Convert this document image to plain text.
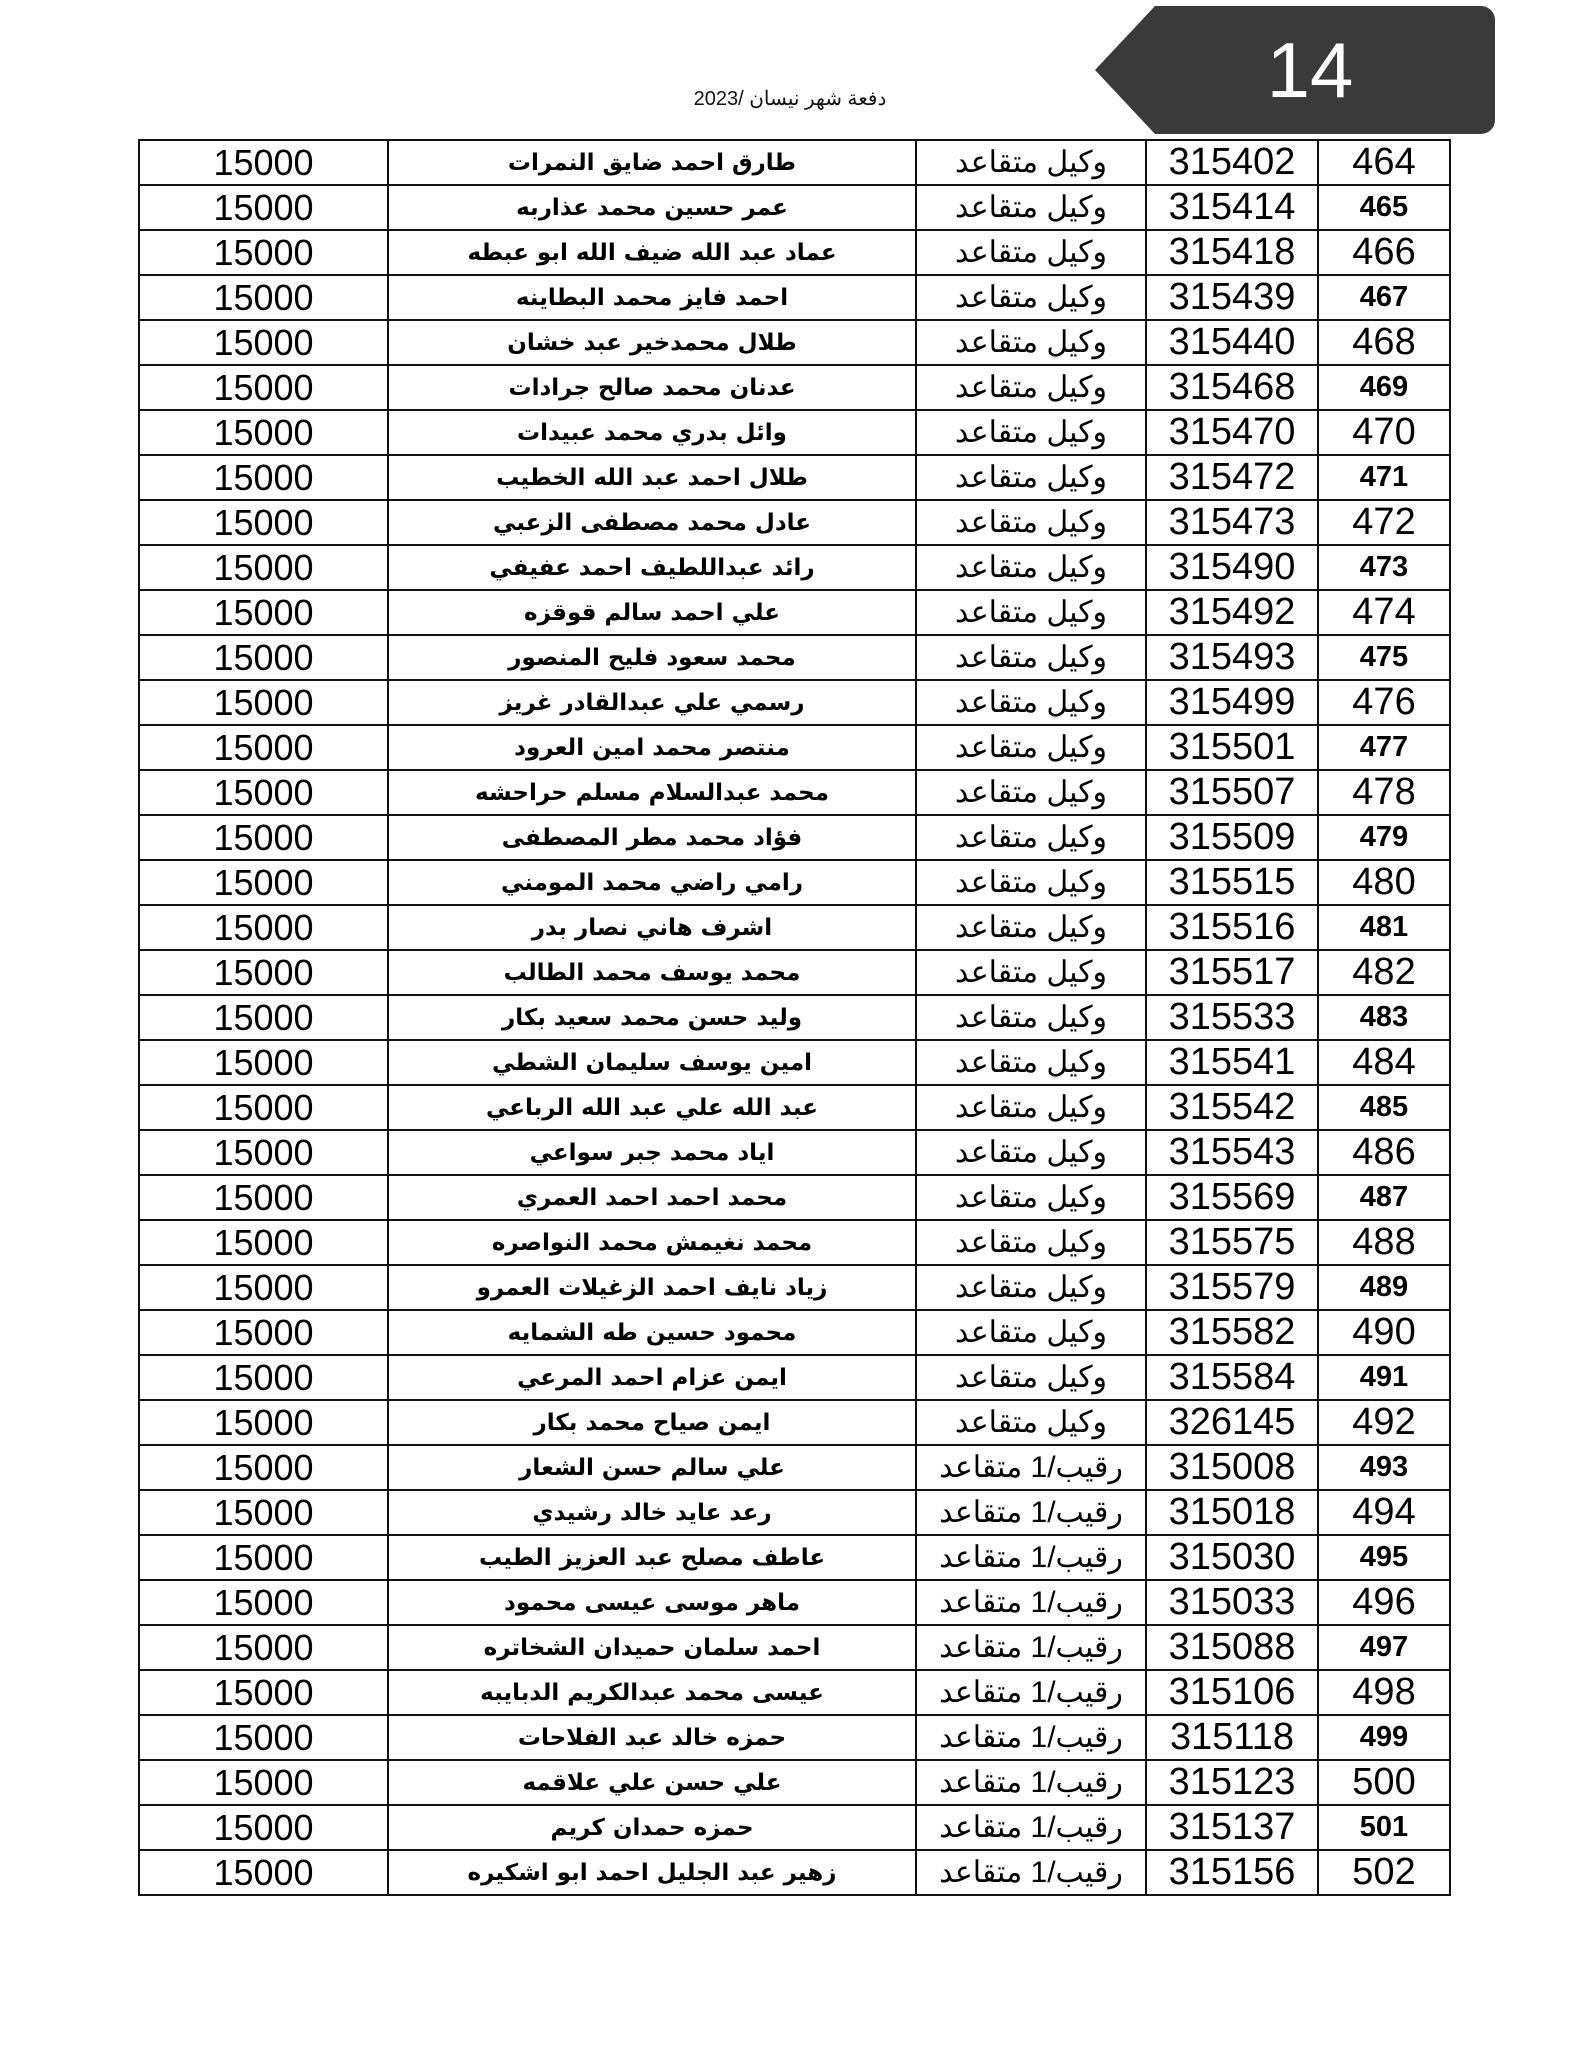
14
دفعة شهر نيسان /2023
15000	طارق احمد ضايق النمرات	وكيل متقاعد	315402	464
15000	عمر حسين محمد عذاربه	وكيل متقاعد	315414	465
15000	عماد عبد الله ضيف الله ابو عبطه	وكيل متقاعد	315418	466
15000	احمد فايز محمد البطاينه	وكيل متقاعد	315439	467
15000	طلال محمدخير عبد خشان	وكيل متقاعد	315440	468
15000	عدنان محمد صالح جرادات	وكيل متقاعد	315468	469
15000	وائل بدري محمد عبيدات	وكيل متقاعد	315470	470
15000	طلال احمد عبد الله الخطيب	وكيل متقاعد	315472	471
15000	عادل محمد مصطفى الزعبي	وكيل متقاعد	315473	472
15000	رائد عبداللطيف احمد عفيفي	وكيل متقاعد	315490	473
15000	علي احمد سالم قوقزه	وكيل متقاعد	315492	474
15000	محمد سعود فليح المنصور	وكيل متقاعد	315493	475
15000	رسمي علي عبدالقادر غريز	وكيل متقاعد	315499	476
15000	منتصر محمد امين العرود	وكيل متقاعد	315501	477
15000	محمد عبدالسلام مسلم حراحشه	وكيل متقاعد	315507	478
15000	فؤاد محمد مطر المصطفى	وكيل متقاعد	315509	479
15000	رامي راضي محمد المومني	وكيل متقاعد	315515	480
15000	اشرف هاني نصار بدر	وكيل متقاعد	315516	481
15000	محمد يوسف محمد الطالب	وكيل متقاعد	315517	482
15000	وليد حسن محمد سعيد بكار	وكيل متقاعد	315533	483
15000	امين يوسف سليمان الشطي	وكيل متقاعد	315541	484
15000	عبد الله علي عبد الله الرباعي	وكيل متقاعد	315542	485
15000	اياد محمد جبر سواعي	وكيل متقاعد	315543	486
15000	محمد احمد احمد العمري	وكيل متقاعد	315569	487
15000	محمد نغيمش محمد النواصره	وكيل متقاعد	315575	488
15000	زياد نايف احمد الزغيلات العمرو	وكيل متقاعد	315579	489
15000	محمود حسين طه الشمايه	وكيل متقاعد	315582	490
15000	ايمن عزام احمد المرعي	وكيل متقاعد	315584	491
15000	ايمن صياح محمد بكار	وكيل متقاعد	326145	492
15000	علي سالم حسن الشعار	رقيب/1 متقاعد	315008	493
15000	رعد عايد خالد رشيدي	رقيب/1 متقاعد	315018	494
15000	عاطف مصلح عبد العزيز الطيب	رقيب/1 متقاعد	315030	495
15000	ماهر موسى عيسى محمود	رقيب/1 متقاعد	315033	496
15000	احمد سلمان حميدان الشخاتره	رقيب/1 متقاعد	315088	497
15000	عيسى محمد عبدالكريم الدبايبه	رقيب/1 متقاعد	315106	498
15000	حمزه خالد عبد الفلاحات	رقيب/1 متقاعد	315118	499
15000	علي حسن علي علاقمه	رقيب/1 متقاعد	315123	500
15000	حمزه حمدان كريم	رقيب/1 متقاعد	315137	501
15000	زهير عبد الجليل احمد ابو اشكيره	رقيب/1 متقاعد	315156	502
